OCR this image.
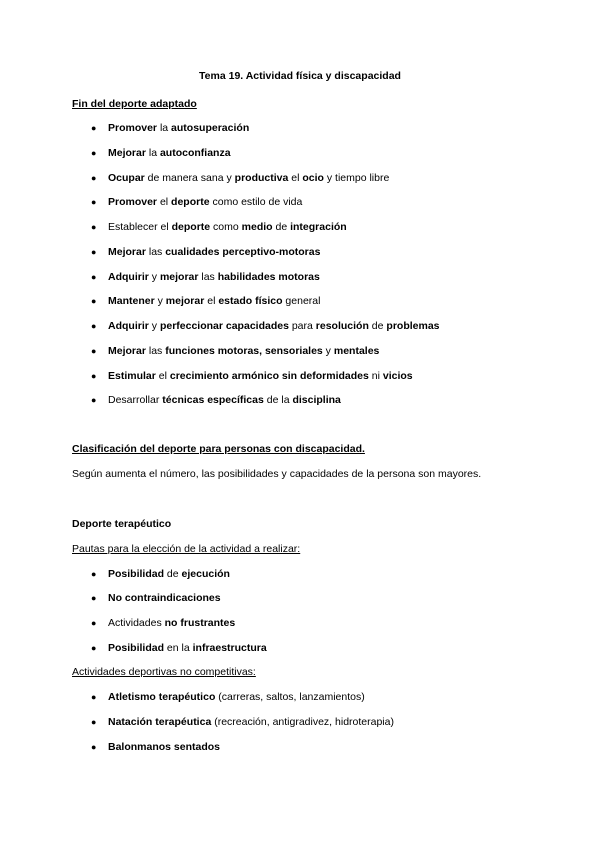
Tema 19. Actividad física y discapacidad
Fin del deporte adaptado
● Promover la autosuperación
● Mejorar la autoconfianza
● Ocupar de manera sana y productiva el ocio y tiempo libre
● Promover el deporte como estilo de vida
● Establecer el deporte como medio de integración
● Mejorar las cualidades perceptivo-motoras
● Adquirir y mejorar las habilidades motoras
● Mantener y mejorar el estado físico general
● Adquirir y perfeccionar capacidades para resolución de problemas
● Mejorar las funciones motoras, sensoriales y mentales
● Estimular el crecimiento armónico sin deformidades ni vicios
● Desarrollar técnicas específicas de la disciplina
Clasificación del deporte para personas con discapacidad.
Según aumenta el número, las posibilidades y capacidades de la persona son mayores.
Deporte terapéutico
Pautas para la elección de la actividad a realizar:
● Posibilidad de ejecución
● No contraindicaciones
● Actividades no frustrantes
● Posibilidad en la infraestructura
Actividades deportivas no competitivas:
● Atletismo terapéutico (carreras, saltos, lanzamientos)
● Natación terapéutica (recreación, antigradivez, hidroterapia)
● Balonmanos sentados
